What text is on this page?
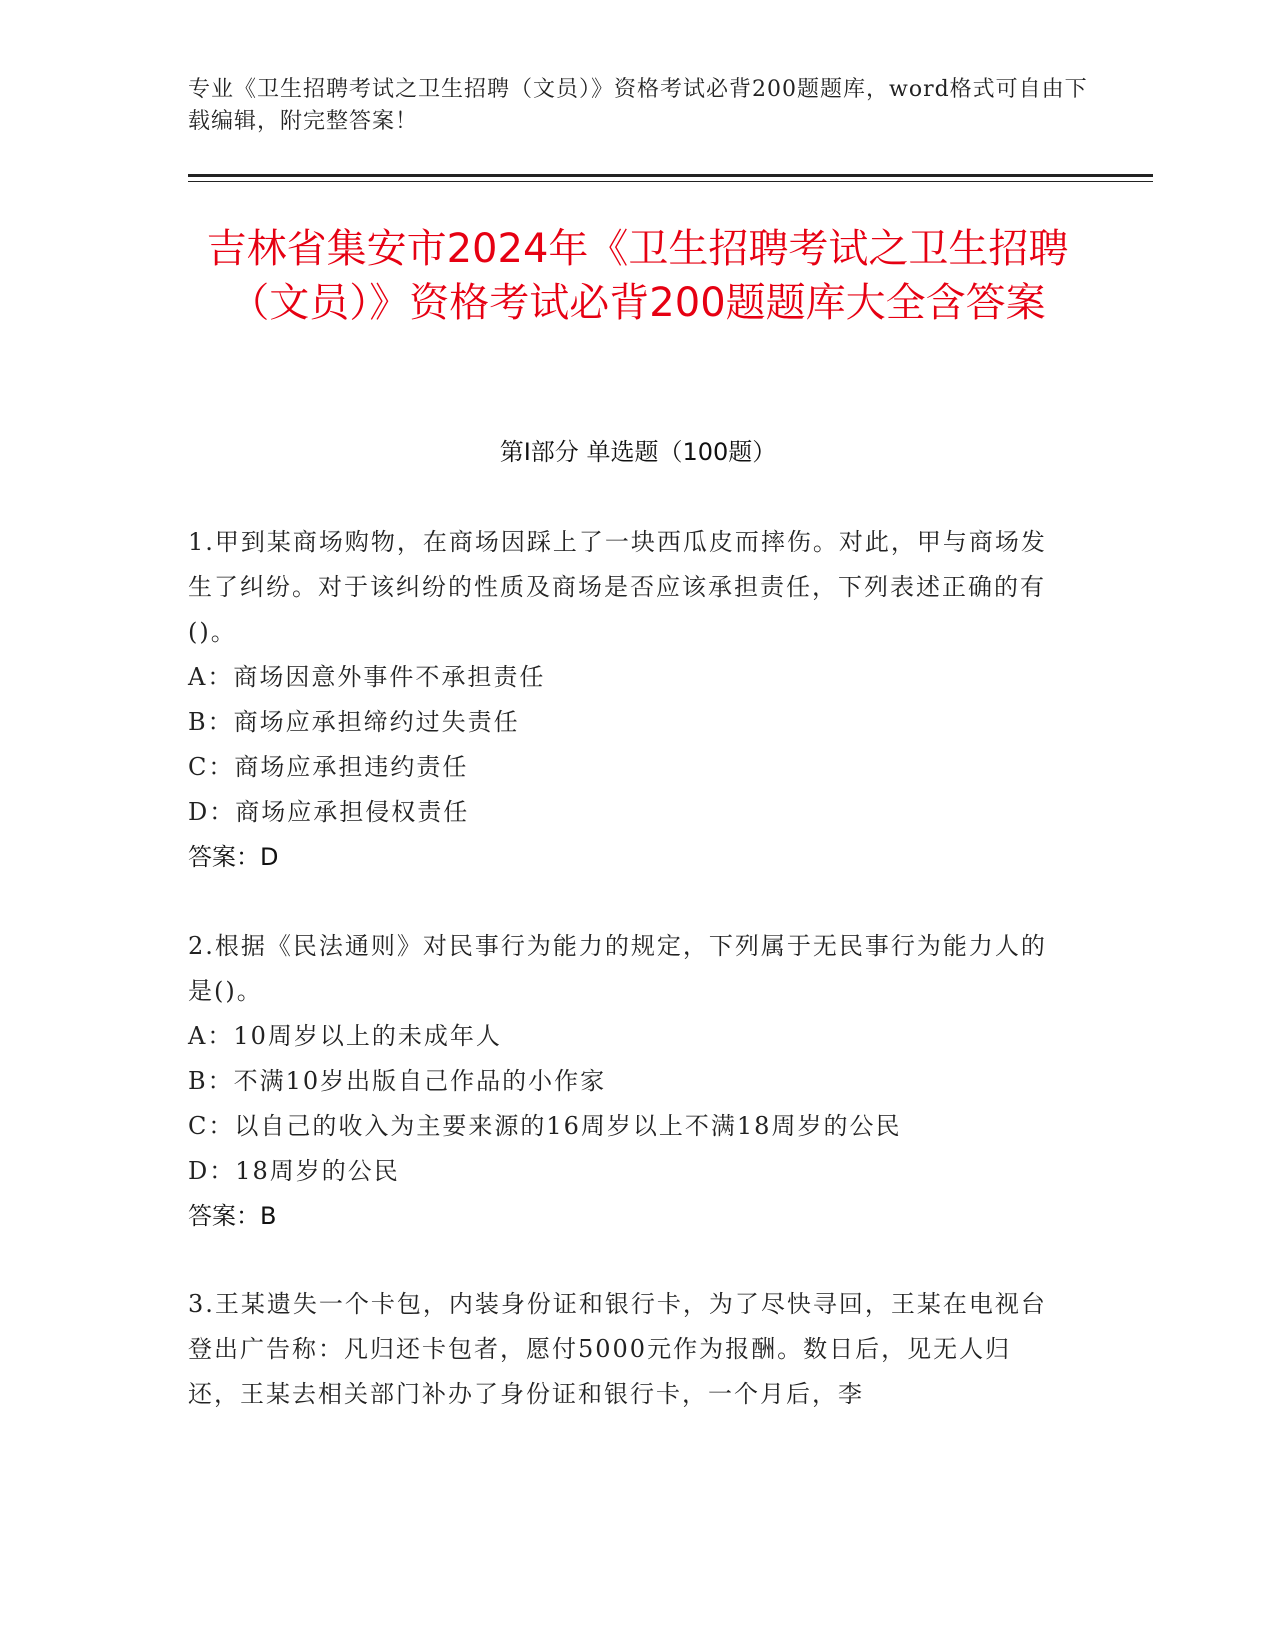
专业《卫生招聘考试之卫生招聘（文员）》资格考试必背200题题库，word格式可自由下载编辑，附完整答案！
吉林省集安市2024年《卫生招聘考试之卫生招聘（文员）》资格考试必背200题题库大全含答案
第I部分 单选题（100题）

1.甲到某商场购物，在商场因踩上了一块西瓜皮而摔伤。对此，甲与商场发生了纠纷。对于该纠纷的性质及商场是否应该承担责任，下列表述正确的有()。

A：商场因意外事件不承担责任

B：商场应承担缔约过失责任

C：商场应承担违约责任

D：商场应承担侵权责任

答案：D

2.根据《民法通则》对民事行为能力的规定，下列属于无民事行为能力人的是()。

A：10周岁以上的未成年人

B：不满10岁出版自己作品的小作家

C：以自己的收入为主要来源的16周岁以上不满18周岁的公民

D：18周岁的公民

答案：B

3.王某遗失一个卡包，内装身份证和银行卡，为了尽快寻回，王某在电视台登出广告称：凡归还卡包者，愿付5000元作为报酬。数日后，见无人归还，王某去相关部门补办了身份证和银行卡，一个月后，李
